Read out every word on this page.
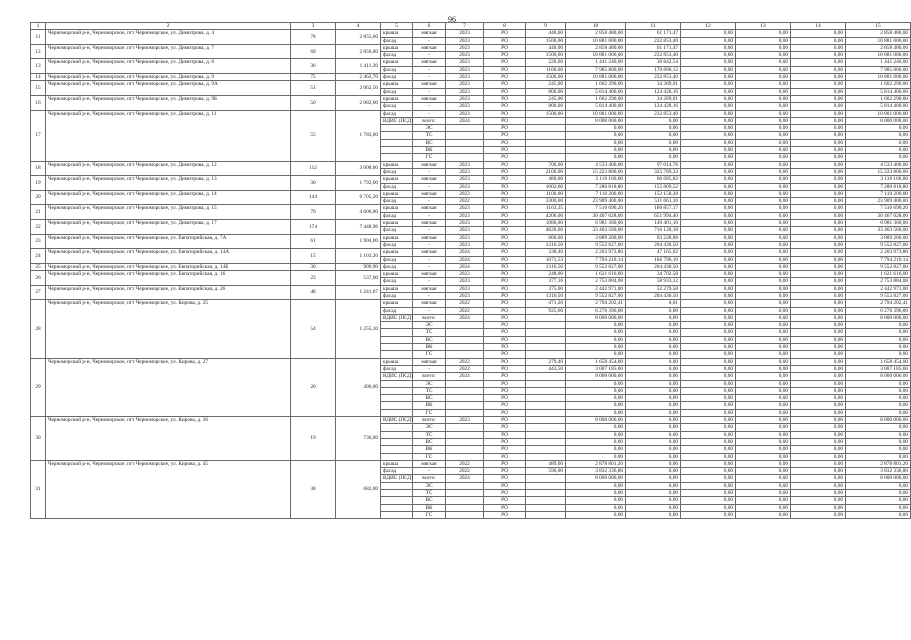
96
1	2	3	4	5	6	7	8	9	10	11	12	13	14	15
11	Черноморский р-н, Черноморское, пгт Черноморское, ул. Димитрова, д. 4	78	2 855,60	крыша	мягкая	2023	РО	440,00	2 858 480,00	61 171,47	0,00	0,00	0,00	2 858 480,00
				фасад	-	2023	РО	1500,00	10 881 000,00	232 853,40	0,00	0,00	0,00	10 881 000,00
12	Черноморский р-н, Черноморское, пгт Черноморское, ул. Димитрова, д. 7	69	2 856,00	крыша	мягкая	2023	РО	440,00	2 858 480,00	61 171,47	0,00	0,00	0,00	2 858 480,00
				фасад	-	2023	РО	1500,00	10 881 000,00	232 853,40	0,00	0,00	0,00	10 881 000,00
13	Черноморский р-н, Черноморское, пгт Черноморское, ул. Димитрова, д. 8	36	1 411,20	крыша	мягкая	2023	РО	220,00	1 441 240,00	30 842,54	0,00	0,00	0,00	1 441 240,00
				фасад	-	2023	РО	1100,00	7 985 800,00	170 896,12	0,00	0,00	0,00	7 985 800,00
14	Черноморский р-н, Черноморское, пгт Черноморское, ул. Димитрова, д. 9	75	2 462,70	фасад	-	2023	РО	1500,00	10 881 000,00	232 853,40	0,00	0,00	0,00	10 881 000,00
15	Черноморский р-н, Черноморское, пгт Черноморское, ул. Димитрова, д. 9А	51	2 062,50	крыша	мягкая	2023	РО	245,00	1 602 290,00	34 289,01	0,00	0,00	0,00	1 602 290,00
				фасад	-	2023	РО	800,00	5 814 400,00	124 428,16	0,00	0,00	0,00	5 814 400,00
16	Черноморский р-н, Черноморское, пгт Черноморское, ул. Димитрова, д. 9Б	50	2 082,60	крыша	мягкая	2023	РО	245,00	1 602 290,00	34 289,01	0,00	0,00	0,00	1 602 290,00
				фасад	-	2023	РО	800,00	5 814 400,00	124 428,16	0,00	0,00	0,00	5 814 400,00
17	Черноморский р-н, Черноморское, пгт Черноморское, ул. Димитрова, д. 11	55	1 783,00	фасад	-	2023	РО	1500,00	10 881 000,00	232 853,40	0,00	0,00	0,00	10 881 000,00
				ВДИС (ПСД)	всего:	2024	РО		8 000 000,00	0,00	0,00	0,00	0,00	8 000 000,00
					ЭС		РО		0,00	0,00	0,00	0,00	0,00	0,00
					ТС		РО		0,00	0,00	0,00	0,00	0,00	0,00
					ВС		РО		0,00	0,00	0,00	0,00	0,00	0,00
					ВК		РО		0,00	0,00	0,00	0,00	0,00	0,00
					ГС		РО		0,00	0,00	0,00	0,00	0,00	0,00
18	Черноморский р-н, Черноморское, пгт Черноморское, ул. Димитрова, д. 12	112	3 008,00	крыша	мягкая	2023	РО	700,00	4 533 400,00	97 014,76	0,00	0,00	0,00	4 533 400,00
				фасад	-	2023	РО	2100,00	15 223 800,00	325 789,32	0,00	0,00	0,00	15 223 800,00
19	Черноморский р-н, Черноморское, пгт Черноморское, ул. Димитрова, д. 13	30	1 792,00	крыша	мягкая	2023	РО	480,00	3 116 160,00	66 685,82	0,00	0,00	0,00	3 116 160,00
				фасад	-	2023	РО	1002,60	7 280 818,80	155 809,52	0,00	0,00	0,00	7 280 818,80
20	Черноморский р-н, Черноморское, пгт Черноморское, ул. Димитрова, д. 14	144	6 705,20	крыша	мягкая	2023	РО	1100,00	7 110 200,00	152 158,28	0,00	0,00	0,00	7 110 200,00
				фасад	-	2022	РО	3300,00	23 909 400,00	511 661,16	0,00	0,00	0,00	23 909 400,00
21	Черноморский р-н, Черноморское, пгт Черноморское, ул. Димитрова, д. 15	70	4 606,00	крыша	мягкая	2023	РО	1163,35	7 516 690,20	160 857,17	0,00	0,00	0,00	7 516 690,20
				фасад	-	2023	РО	4206,00	30 467 028,00	651 994,40	0,00	0,00	0,00	30 467 028,00
22	Черноморский р-н, Черноморское, пгт Черноморское, ул. Димитрова, д. 17	174	7 448,96	крыша	мягкая	2023	РО	1080,00	6 981 360,00	149 401,10	0,00	0,00	0,00	6 981 360,00
				фасад	-	2023	РО	4620,00	33 463 560,00	716 120,18	0,00	0,00	0,00	33 463 560,00
23	Черноморский р-н, Черноморское, пгт Черноморское, ул. Евпаторийская, д. 7А	61	1 904,00	крыша	мягкая	2023	РО	600,00	3 889 200,00	83 228,88	0,00	0,00	0,00	3 889 200,00
				фасад	-	2023	РО	1316,50	9 552 827,00	204 430,50	0,00	0,00	0,00	9 552 827,00
24	Черноморский р-н, Черноморское, пгт Черноморское, ул. Евпаторийская, д. 14А	15	1 103,20	крыша	мягкая	2024	РО	338,40	2 203 973,80	47 165,02	0,00	0,00	0,00	2 203 973,80
				фасад	-	2024	РО	1073,53	7 794 210,14	166 796,10	0,00	0,00	0,00	7 794 210,14
25	Черноморский р-н, Черноморское, пгт Черноморское, ул. Евпаторийская, д. 14Б	30	909,90	фасад	-	2024	РО	1316,50	9 552 827,00	204 430,50	0,00	0,00	0,00	9 552 827,00
26	Черноморский р-н, Черноморское, пгт Черноморское, ул. Евпаторийская, д. 16	23	537,00	крыша	мягкая	2023	РО	248,00	1 621 616,00	34 702,58	0,00	0,00	0,00	1 621 616,00
				фасад	-	2023	РО	377,16	2 753 884,08	58 933,12	0,00	0,00	0,00	2 753 884,08
27	Черноморский р-н, Черноморское, пгт Черноморское, ул. Евпаторийская, д. 26	48	1 241,67	крыша	мягкая	2023	РО	375,00	2 442 971,00	52 279,58	0,00	0,00	0,00	2 442 971,00
				фасад	-	2023	РО	1316,50	9 552 827,00	204 430,50	0,00	0,00	0,00	9 552 827,00
28	Черноморский р-н, Черноморское, пгт Черноморское, ул. Кирова, д. 25	54	1 255,10	крыша	мягкая	2022	РО	471,20	2 794 202,41	0,01	0,00	0,00	0,00	2 794 202,41
				фасад	-	2022	РО	925,60	6 276 396,00	0,00	0,00	0,00	0,00	6 276 396,00
				ВДИС (ПСД)	всего:	2024	РО		8 000 000,00	0,00	0,00	0,00	0,00	8 000 000,00
					ЭС		РО		0,00	0,00	0,00	0,00	0,00	0,00
					ТС		РО		0,00	0,00	0,00	0,00	0,00	0,00
					ВС		РО		0,00	0,00	0,00	0,00	0,00	0,00
					ВК		РО		0,00	0,00	0,00	0,00	0,00	0,00
					ГС		РО		0,00	0,00	0,00	0,00	0,00	0,00
29	Черноморский р-н, Черноморское, пгт Черноморское, ул. Кирова, д. 27	20	490,00	крыша	мягкая	2022	РО	279,40	1 658 454,00	0,00	0,00	0,00	0,00	1 658 454,00
				фасад	-	2022	РО	443,50	3 007 185,60	0,00	0,00	0,00	0,00	3 007 185,60
				ВДИС (ПСД)	всего:	2024	РО		8 000 000,00	0,00	0,00	0,00	0,00	8 000 000,00
					ЭС		РО		0,00	0,00	0,00	0,00	0,00	0,00
					ТС		РО		0,00	0,00	0,00	0,00	0,00	0,00
					ВС		РО		0,00	0,00	0,00	0,00	0,00	0,00
					ВК		РО		0,00	0,00	0,00	0,00	0,00	0,00
					ГС		РО		0,00	0,00	0,00	0,00	0,00	0,00
30	Черноморский р-н, Черноморское, пгт Черноморское, ул. Кирова, д. 36	19	736,00	ВДИС (ПСД)	всего:	2023	РО		8 000 000,00	0,00	0,00	0,00	0,00	8 000 000,00
					ЭС		РО		0,00	0,00	0,00	0,00	0,00	0,00
					ТС		РО		0,00	0,00	0,00	0,00	0,00	0,00
					ВС		РО		0,00	0,00	0,00	0,00	0,00	0,00
					ВК		РО		0,00	0,00	0,00	0,00	0,00	0,00
					ГС		РО		0,00	0,00	0,00	0,00	0,00	0,00
31	Черноморский р-н, Черноморское, пгт Черноморское, ул. Кирова, д. 45	38	682,00	крыша	мягкая	2022	РО	489,60	2 878 801,20	0,00	0,00	0,00	0,00	2 878 801,20
				фасад	-	2022	РО	590,00	3 832 336,80	0,00	0,00	0,00	0,00	3 832 336,80
				ВДИС (ПСД)	всего:	2024	РО		8 000 000,00	0,00	0,00	0,00	0,00	8 000 000,00
					ЭС		РО		0,00	0,00	0,00	0,00	0,00	0,00
					ТС		РО		0,00	0,00	0,00	0,00	0,00	0,00
					ВС		РО		0,00	0,00	0,00	0,00	0,00	0,00
					ВК		РО		0,00	0,00	0,00	0,00	0,00	0,00
					ГС		РО		0,00	0,00	0,00	0,00	0,00	0,00
